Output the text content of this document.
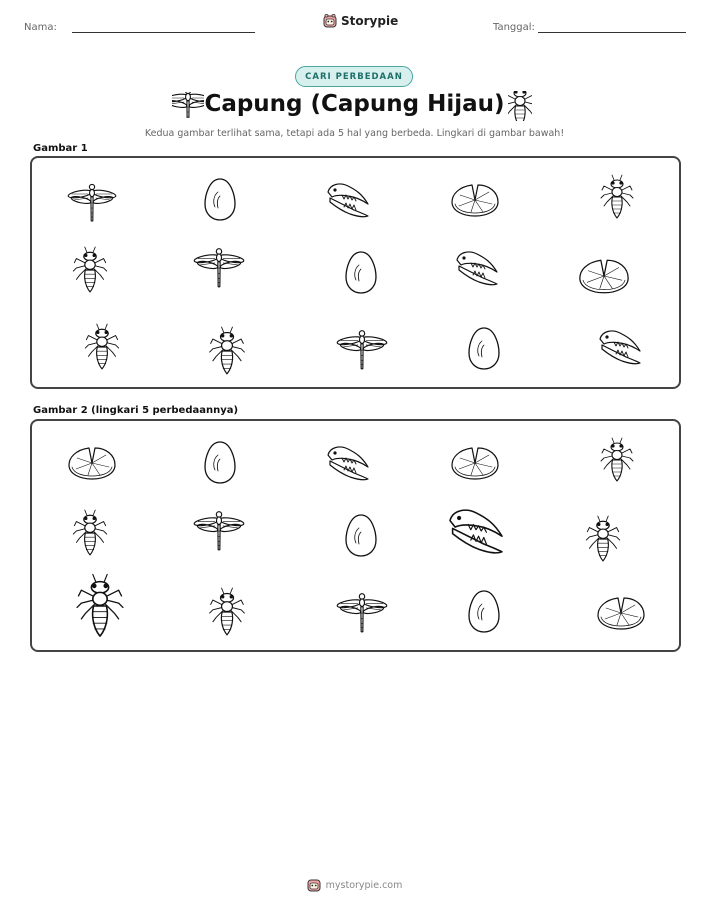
Nama:	Storypie	Tanggal:
CARI PERBEDAAN
Capung (Capung Hijau)
Kedua gambar terlihat sama, tetapi ada 5 hal yang berbeda. Lingkari di gambar bawah!
Gambar 1
Gambar 2 (lingkari 5 perbedaannya)
mystorypie.com
